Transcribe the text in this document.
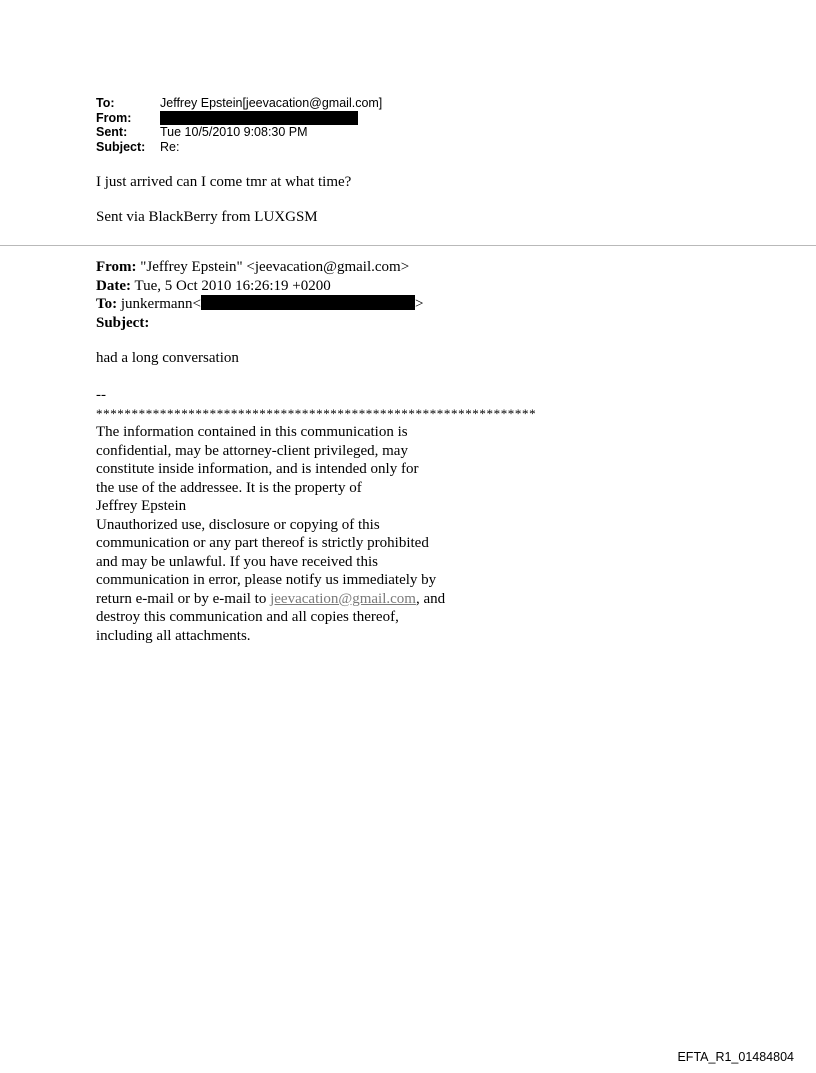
To:	Jeffrey Epstein[jeevacation@gmail.com]
From:
Sent:	Tue 10/5/2010 9:08:30 PM
Subject:	Re:
I just arrived can I come tmr at what time?
Sent via BlackBerry from LUXGSM
From: "Jeffrey Epstein" <jeevacation@gmail.com>
Date: Tue, 5 Oct 2010 16:26:19 +0200
To: junkermann<	>
Subject:
had a long conversation
--
**************************************************************
The information contained in this communication is
confidential, may be attorney-client privileged, may
constitute inside information, and is intended only for
the use of the addressee. It is the property of
Jeffrey Epstein
Unauthorized use, disclosure or copying of this
communication or any part thereof is strictly prohibited
and may be unlawful. If you have received this
communication in error, please notify us immediately by
return e-mail or by e-mail to jeevacation@gmail.com, and
destroy this communication and all copies thereof,
including all attachments.
EFTA_R1_01484804
